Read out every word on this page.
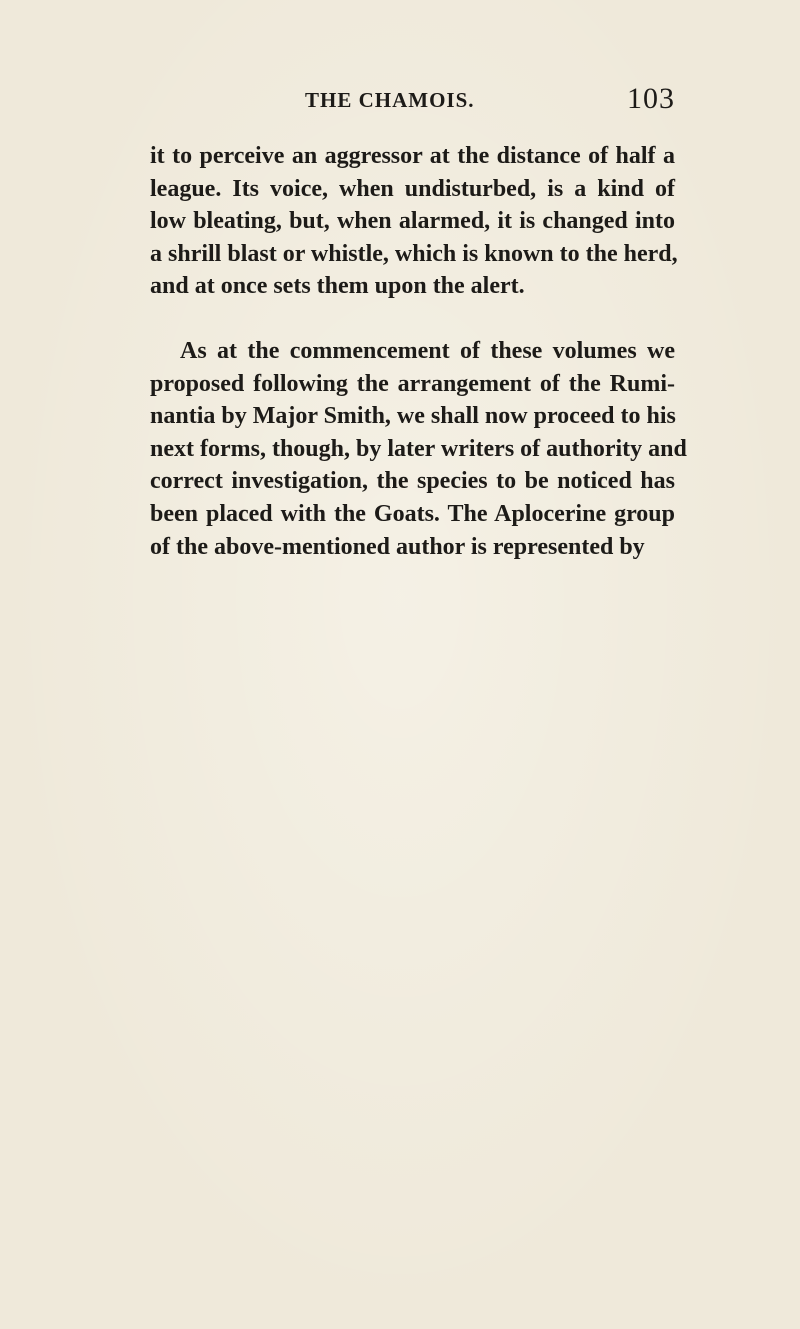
THE CHAMOIS.	103

it to perceive an aggressor at the distance of half a
league. Its voice, when undisturbed, is a kind of
low bleating, but, when alarmed, it is changed into
a shrill blast or whistle, which is known to the herd,
and at once sets them upon the alert.

As at the commencement of these volumes we
proposed following the arrangement of the Rumi-
nantia by Major Smith, we shall now proceed to his
next forms, though, by later writers of authority and
correct investigation, the species to be noticed has
been placed with the Goats. The Aplocerine group
of the above-mentioned author is represented by
